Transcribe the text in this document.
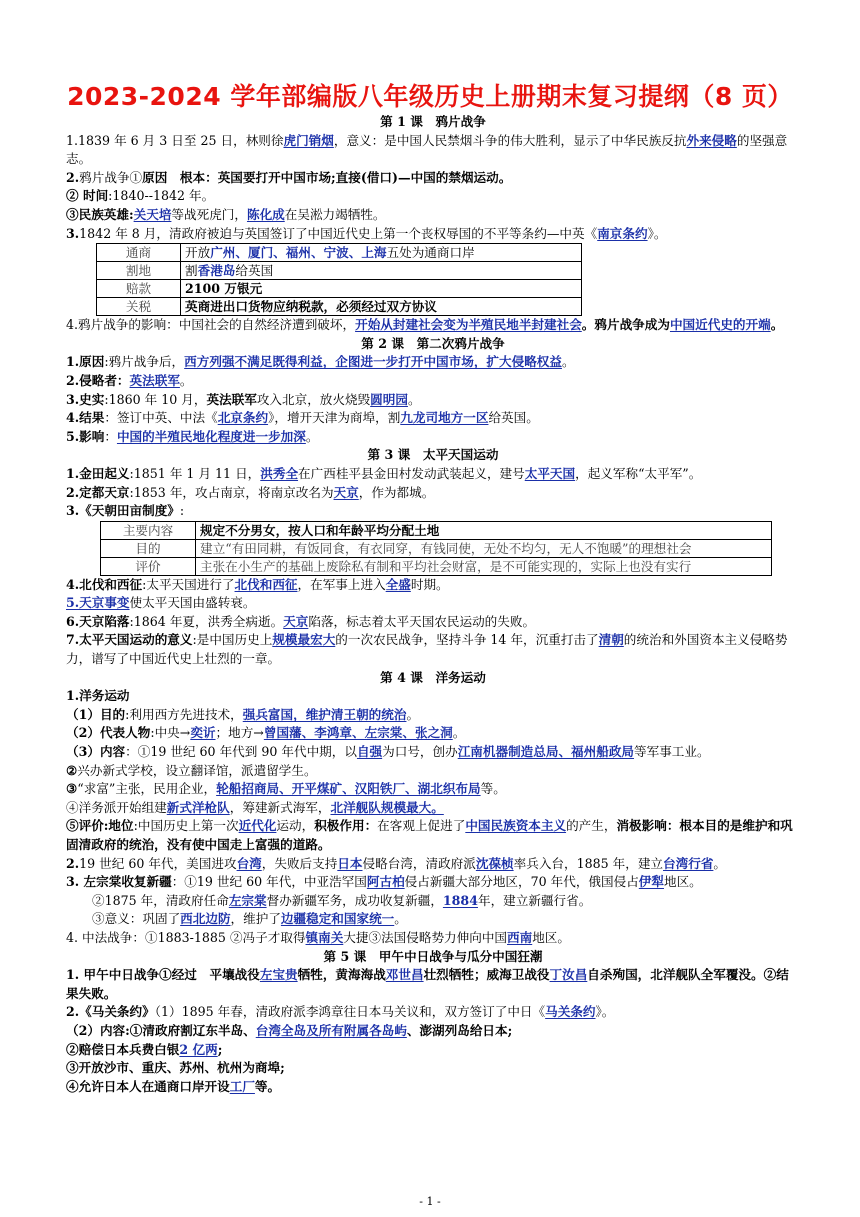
2023-2024 学年部编版八年级历史上册期末复习提纲（8 页）

第 1 课　鸦片战争

1.1839 年 6 月 3 日至 25 日，林则徐虎门销烟，意义：是中国人民禁烟斗争的伟大胜利，显示了中华民族反抗外来侵略的坚强意志。

2.鸦片战争①原因　根本：英国要打开中国市场;直接(借口)—中国的禁烟运动。

② 时间:1840--1842 年。

③民族英雄:关天培等战死虎门，陈化成在吴淞力竭牺牲。

3.1842 年 8 月，清政府被迫与英国签订了中国近代史上第一个丧权辱国的不平等条约—中英《南京条约》。

通商	开放广州、厦门、福州、宁波、上海五处为通商口岸
割地	割香港岛给英国
赔款	2100 万银元
关税	英商进出口货物应纳税款，必须经过双方协议

4.鸦片战争的影响：中国社会的自然经济遭到破坏，开始从封建社会变为半殖民地半封建社会。鸦片战争成为中国近代史的开端。

第 2 课　第二次鸦片战争

1.原因:鸦片战争后，西方列强不满足既得利益，企图进一步打开中国市场，扩大侵略权益。

2.侵略者：英法联军。

3.史实:1860 年 10 月，英法联军攻入北京，放火烧毁圆明园。

4.结果：签订中英、中法《北京条约》，增开天津为商埠，割九龙司地方一区给英国。

5.影响：中国的半殖民地化程度进一步加深。

第 3 课　太平天国运动

1.金田起义:1851 年 1 月 11 日，洪秀全在广西桂平县金田村发动武装起义，建号太平天国，起义军称“太平军”。

2.定都天京:1853 年，攻占南京，将南京改名为天京，作为都城。

3.《天朝田亩制度》:

主要内容	规定不分男女，按人口和年龄平均分配土地
目的	建立“有田同耕，有饭同食，有衣同穿，有钱同使，无处不均匀，无人不饱暖”的理想社会
评价	主张在小生产的基础上废除私有制和平均社会财富，是不可能实现的，实际上也没有实行

4.北伐和西征:太平天国进行了北伐和西征，在军事上进入全盛时期。

5.天京事变使太平天国由盛转衰。

6.天京陷落:1864 年夏，洪秀全病逝。天京陷落，标志着太平天国农民运动的失败。

7.太平天国运动的意义:是中国历史上规模最宏大的一次农民战争，坚持斗争 14 年，沉重打击了清朝的统治和外国资本主义侵略势力，谱写了中国近代史上壮烈的一章。

第 4 课　洋务运动

1.洋务运动

（1）目的:利用西方先进技术，强兵富国，维护清王朝的统治。

（2）代表人物:中央→奕䜣；地方→曾国藩、李鸿章、左宗棠、张之洞。

（3）内容：①19 世纪 60 年代到 90 年代中期，以自强为口号，创办江南机器制造总局、福州船政局等军事工业。

②兴办新式学校，设立翻译馆，派遣留学生。

③“求富”主张，民用企业，轮船招商局、开平煤矿、汉阳铁厂、湖北织布局等。

④洋务派开始组建新式洋枪队，筹建新式海军，北洋舰队规模最大。

⑤评价:地位:中国历史上第一次近代化运动，积极作用：在客观上促进了中国民族资本主义的产生，消极影响：根本目的是维护和巩固清政府的统治，没有使中国走上富强的道路。

2.19 世纪 60 年代，美国进攻台湾，失败后支持日本侵略台湾，清政府派沈葆桢率兵入台，1885 年，建立台湾行省。

3. 左宗棠收复新疆：①19 世纪 60 年代，中亚浩罕国阿古柏侵占新疆大部分地区，70 年代，俄国侵占伊犁地区。

②1875 年，清政府任命左宗棠督办新疆军务，成功收复新疆，1884年，建立新疆行省。

③意义：巩固了西北边防，维护了边疆稳定和国家统一。

4. 中法战争：①1883-1885 ②冯子才取得镇南关大捷③法国侵略势力伸向中国西南地区。

第 5 课　甲午中日战争与瓜分中国狂潮

1. 甲午中日战争①经过　平壤战役左宝贵牺牲，黄海海战邓世昌壮烈牺牲；威海卫战役丁汝昌自杀殉国，北洋舰队全军覆没。②结果失败。

2.《马关条约》（1）1895 年春，清政府派李鸿章往日本马关议和，双方签订了中日《马关条约》。

（2）内容:①清政府割辽东半岛、台湾全岛及所有附属各岛屿、澎湖列岛给日本;

②赔偿日本兵费白银2 亿两;

③开放沙市、重庆、苏州、杭州为商埠;

④允许日本人在通商口岸开设工厂等。

- 1 -
